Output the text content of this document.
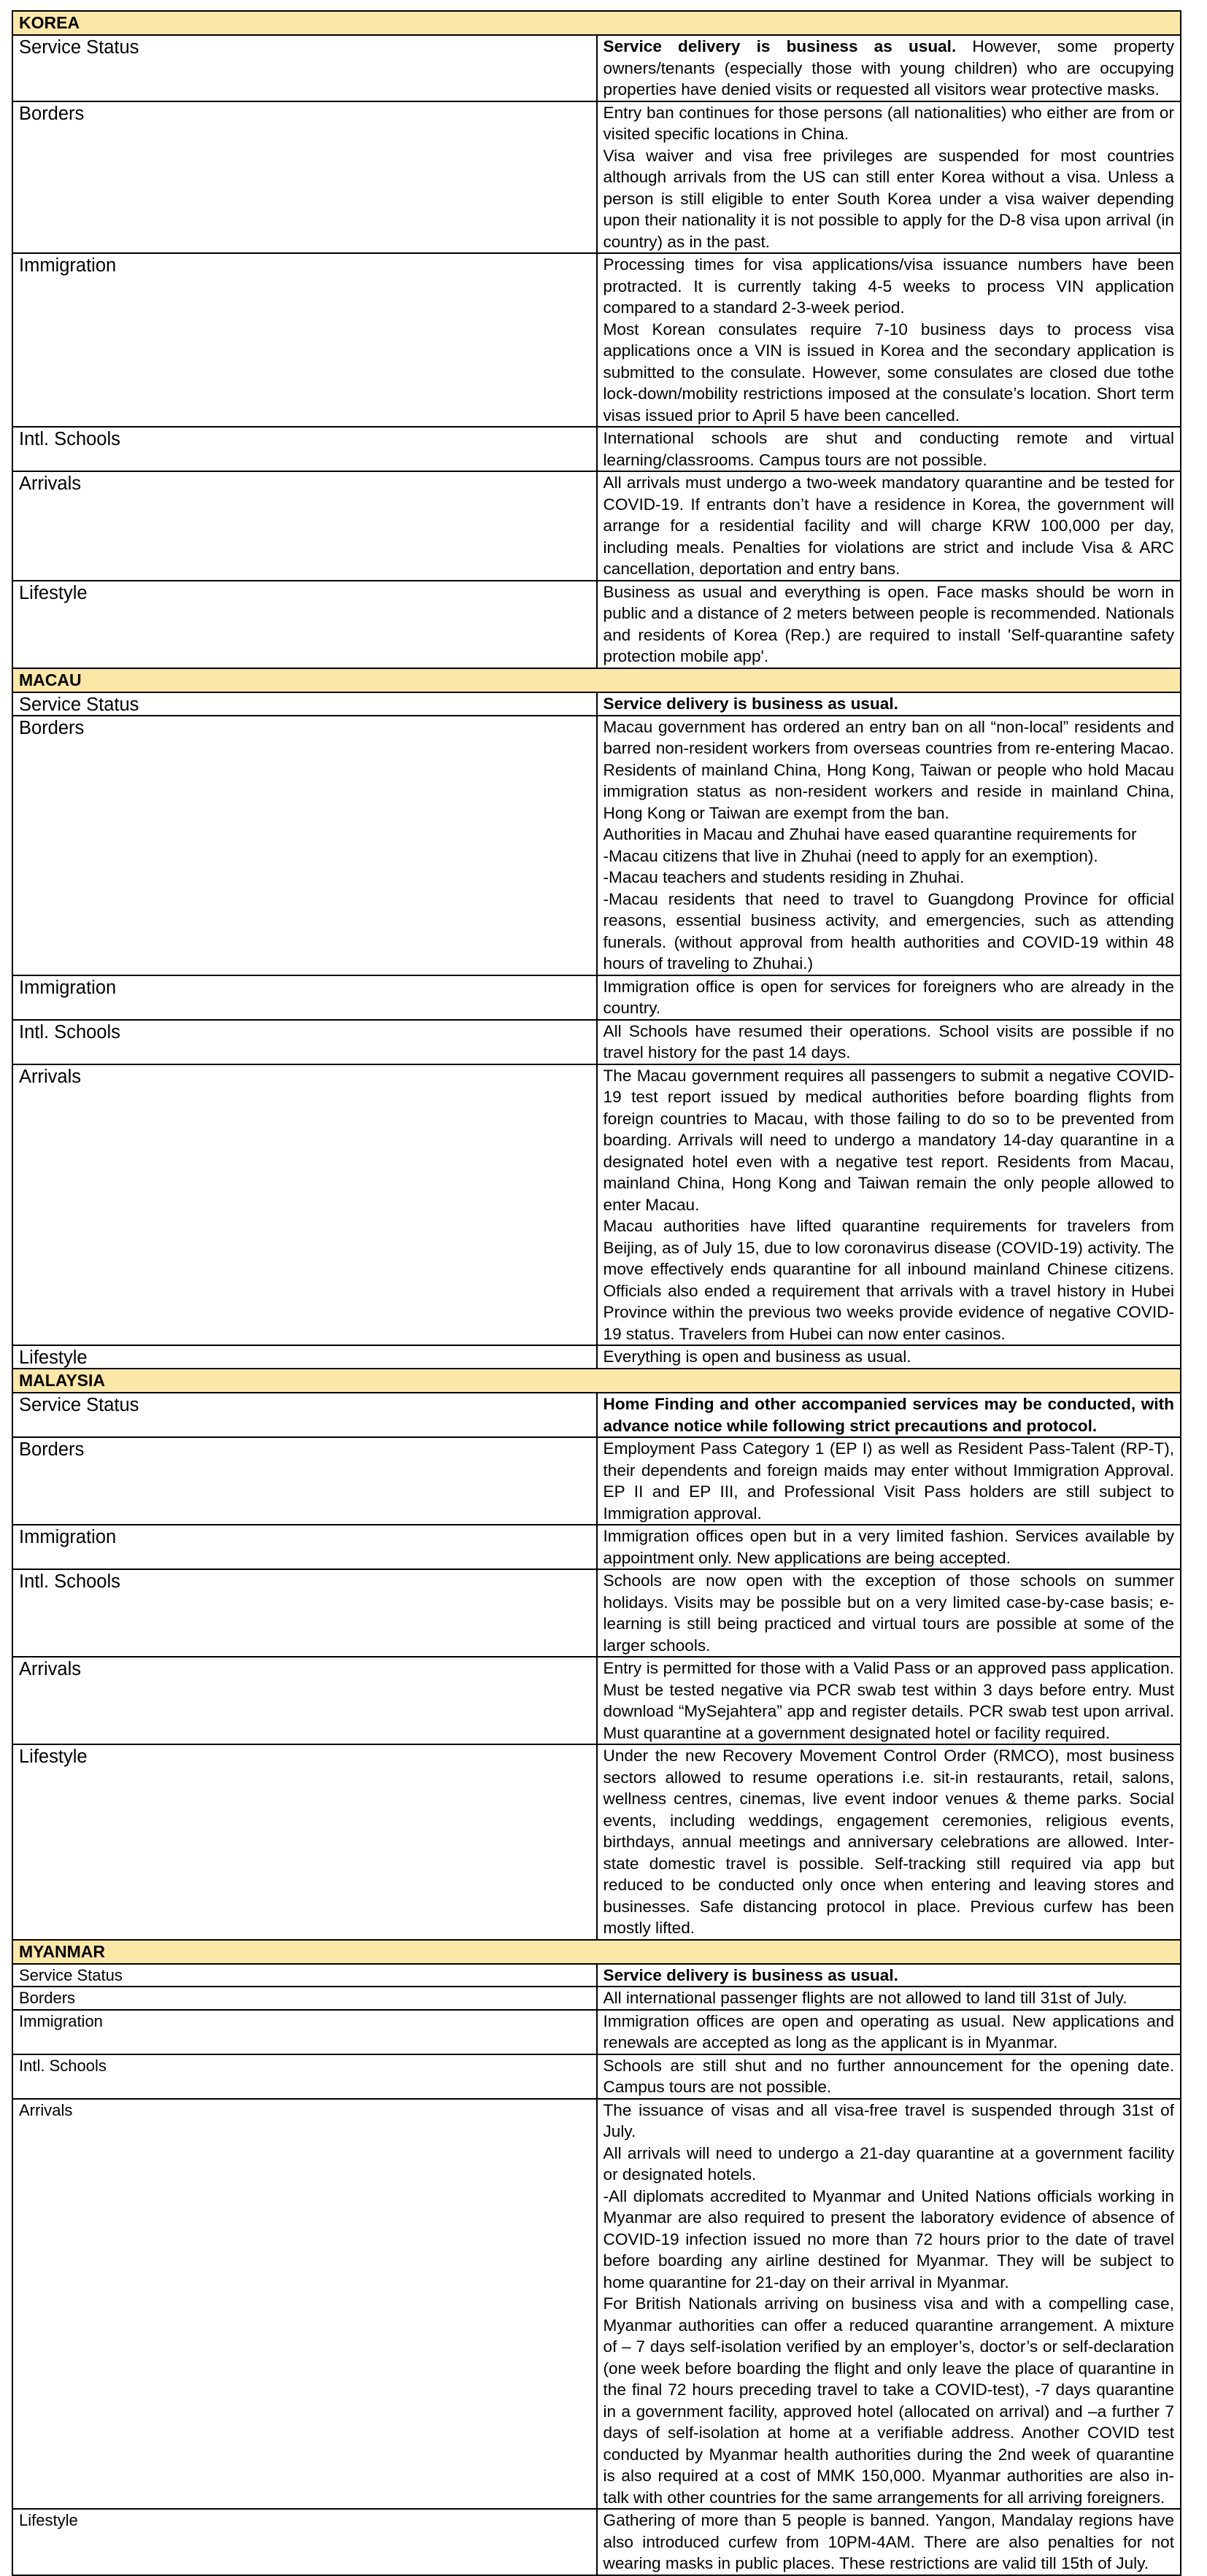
KOREA	
Service Status	Service delivery is business as usual. However, some property owners/tenants (especially those with young children) who are occupying properties have denied visits or requested all visitors wear protective masks.
Borders	Entry ban continues for those persons (all nationalities) who either are from or visited specific locations in China.
Visa waiver and visa free privileges are suspended for most countries although arrivals from the US can still enter Korea without a visa. Unless a person is still eligible to enter South Korea under a visa waiver depending upon their nationality it is not possible to apply for the D-8 visa upon arrival (in country) as in the past.

Immigration	Processing times for visa applications/visa issuance numbers have been protracted. It is currently taking 4-5 weeks to process VIN application compared to a standard 2-3-week period.
Most Korean consulates require 7-10 business days to process visa applications once a VIN is issued in Korea and the secondary application is submitted to the consulate. However, some consulates are closed due tothe lock-down/mobility restrictions imposed at the consulate’s location. Short term visas issued prior to April 5 have been cancelled.

Intl. Schools	International schools are shut and conducting remote and virtual learning/classrooms. Campus tours are not possible.

Arrivals	All arrivals must undergo a two-week mandatory quarantine and be tested for COVID-19. If entrants don’t have a residence in Korea, the government will arrange for a residential facility and will charge KRW 100,000 per day, including meals. Penalties for violations are strict and include Visa & ARC cancellation, deportation and entry bans.

Lifestyle	Business as usual and everything is open. Face masks should be worn in public and a distance of 2 meters between people is recommended. Nationals and residents of Korea (Rep.) are required to install 'Self-quarantine safety protection mobile app'.

MACAU	
Service Status	Service delivery is business as usual.
Borders	Macau government has ordered an entry ban on all “non-local” residents and barred non-resident workers from overseas countries from re-entering Macao. Residents of mainland China, Hong Kong, Taiwan or people who hold Macau immigration status as non-resident workers and reside in mainland China, Hong Kong or Taiwan are exempt from the ban.
Authorities in Macau and Zhuhai have eased quarantine requirements for
-Macau citizens that live in Zhuhai (need to apply for an exemption).
-Macau teachers and students residing in Zhuhai.
-Macau residents that need to travel to Guangdong Province for official reasons, essential business activity, and emergencies, such as attending funerals. (without approval from health authorities and COVID-19 within 48 hours of traveling to Zhuhai.)

Immigration	Immigration office is open for services for foreigners who are already in the country.

Intl. Schools	All Schools have resumed their operations. School visits are possible if no travel history for the past 14 days.

Arrivals	The Macau government requires all passengers to submit a negative COVID-19 test report issued by medical authorities before boarding flights from foreign countries to Macau, with those failing to do so to be prevented from boarding. Arrivals will need to undergo a mandatory 14-day quarantine in a designated hotel even with a negative test report. Residents from Macau, mainland China, Hong Kong and Taiwan remain the only people allowed to enter Macau.
Macau authorities have lifted quarantine requirements for travelers from Beijing, as of July 15, due to low coronavirus disease (COVID-19) activity. The move effectively ends quarantine for all inbound mainland Chinese citizens. Officials also ended a requirement that arrivals with a travel history in Hubei Province within the previous two weeks provide evidence of negative COVID-19 status. Travelers from Hubei can now enter casinos.

Lifestyle	Everything is open and business as usual.

MALAYSIA	
Service Status	Home Finding and other accompanied services may be conducted, with advance notice while following strict precautions and protocol.
Borders	Employment Pass Category 1 (EP I) as well as Resident Pass-Talent (RP-T), their dependents and foreign maids may enter without Immigration Approval. EP II and EP III, and Professional Visit Pass holders are still subject to Immigration approval.

Immigration	Immigration offices open but in a very limited fashion. Services available by appointment only. New applications are being accepted.

Intl. Schools	Schools are now open with the exception of those schools on summer holidays. Visits may be possible but on a very limited case-by-case basis; e-learning is still being practiced and virtual tours are possible at some of the larger schools.

Arrivals	Entry is permitted for those with a Valid Pass or an approved pass application. Must be tested negative via PCR swab test within 3 days before entry. Must download “MySejahtera” app and register details. PCR swab test upon arrival. Must quarantine at a government designated hotel or facility required.

Lifestyle	Under the new Recovery Movement Control Order (RMCO), most business sectors allowed to resume operations i.e. sit-in restaurants, retail, salons, wellness centres, cinemas, live event indoor venues & theme parks. Social events, including weddings, engagement ceremonies, religious events, birthdays, annual meetings and anniversary celebrations are allowed. Inter-state domestic travel is possible. Self-tracking still required via app but reduced to be conducted only once when entering and leaving stores and businesses. Safe distancing protocol in place. Previous curfew has been mostly lifted.

MYANMAR	
Service Status	Service delivery is business as usual.
Borders	All international passenger flights are not allowed to land till 31st of July.

Immigration	Immigration offices are open and operating as usual. New applications and renewals are accepted as long as the applicant is in Myanmar.

Intl. Schools	Schools are still shut and no further announcement for the opening date. Campus tours are not possible.

Arrivals	The issuance of visas and all visa-free travel is suspended through 31st of July.
All arrivals will need to undergo a 21-day quarantine at a government facility or designated hotels.
-All diplomats accredited to Myanmar and United Nations officials working in Myanmar are also required to present the laboratory evidence of absence of COVID-19 infection issued no more than 72 hours prior to the date of travel before boarding any airline destined for Myanmar. They will be subject to home quarantine for 21-day on their arrival in Myanmar.
For British Nationals arriving on business visa and with a compelling case, Myanmar authorities can offer a reduced quarantine arrangement. A mixture of – 7 days self-isolation verified by an employer’s, doctor’s or self-declaration (one week before boarding the flight and only leave the place of quarantine in the final 72 hours preceding travel to take a COVID-test), -7 days quarantine in a government facility, approved hotel (allocated on arrival) and –a further 7 days of self-isolation at home at a verifiable address. Another COVID test conducted by Myanmar health authorities during the 2nd week of quarantine is also required at a cost of MMK 150,000. Myanmar authorities are also in-talk with other countries for the same arrangements for all arriving foreigners.

Lifestyle	Gathering of more than 5 people is banned. Yangon, Mandalay regions have also introduced curfew from 10PM-4AM. There are also penalties for not wearing masks in public places. These restrictions are valid till 15th of July.
